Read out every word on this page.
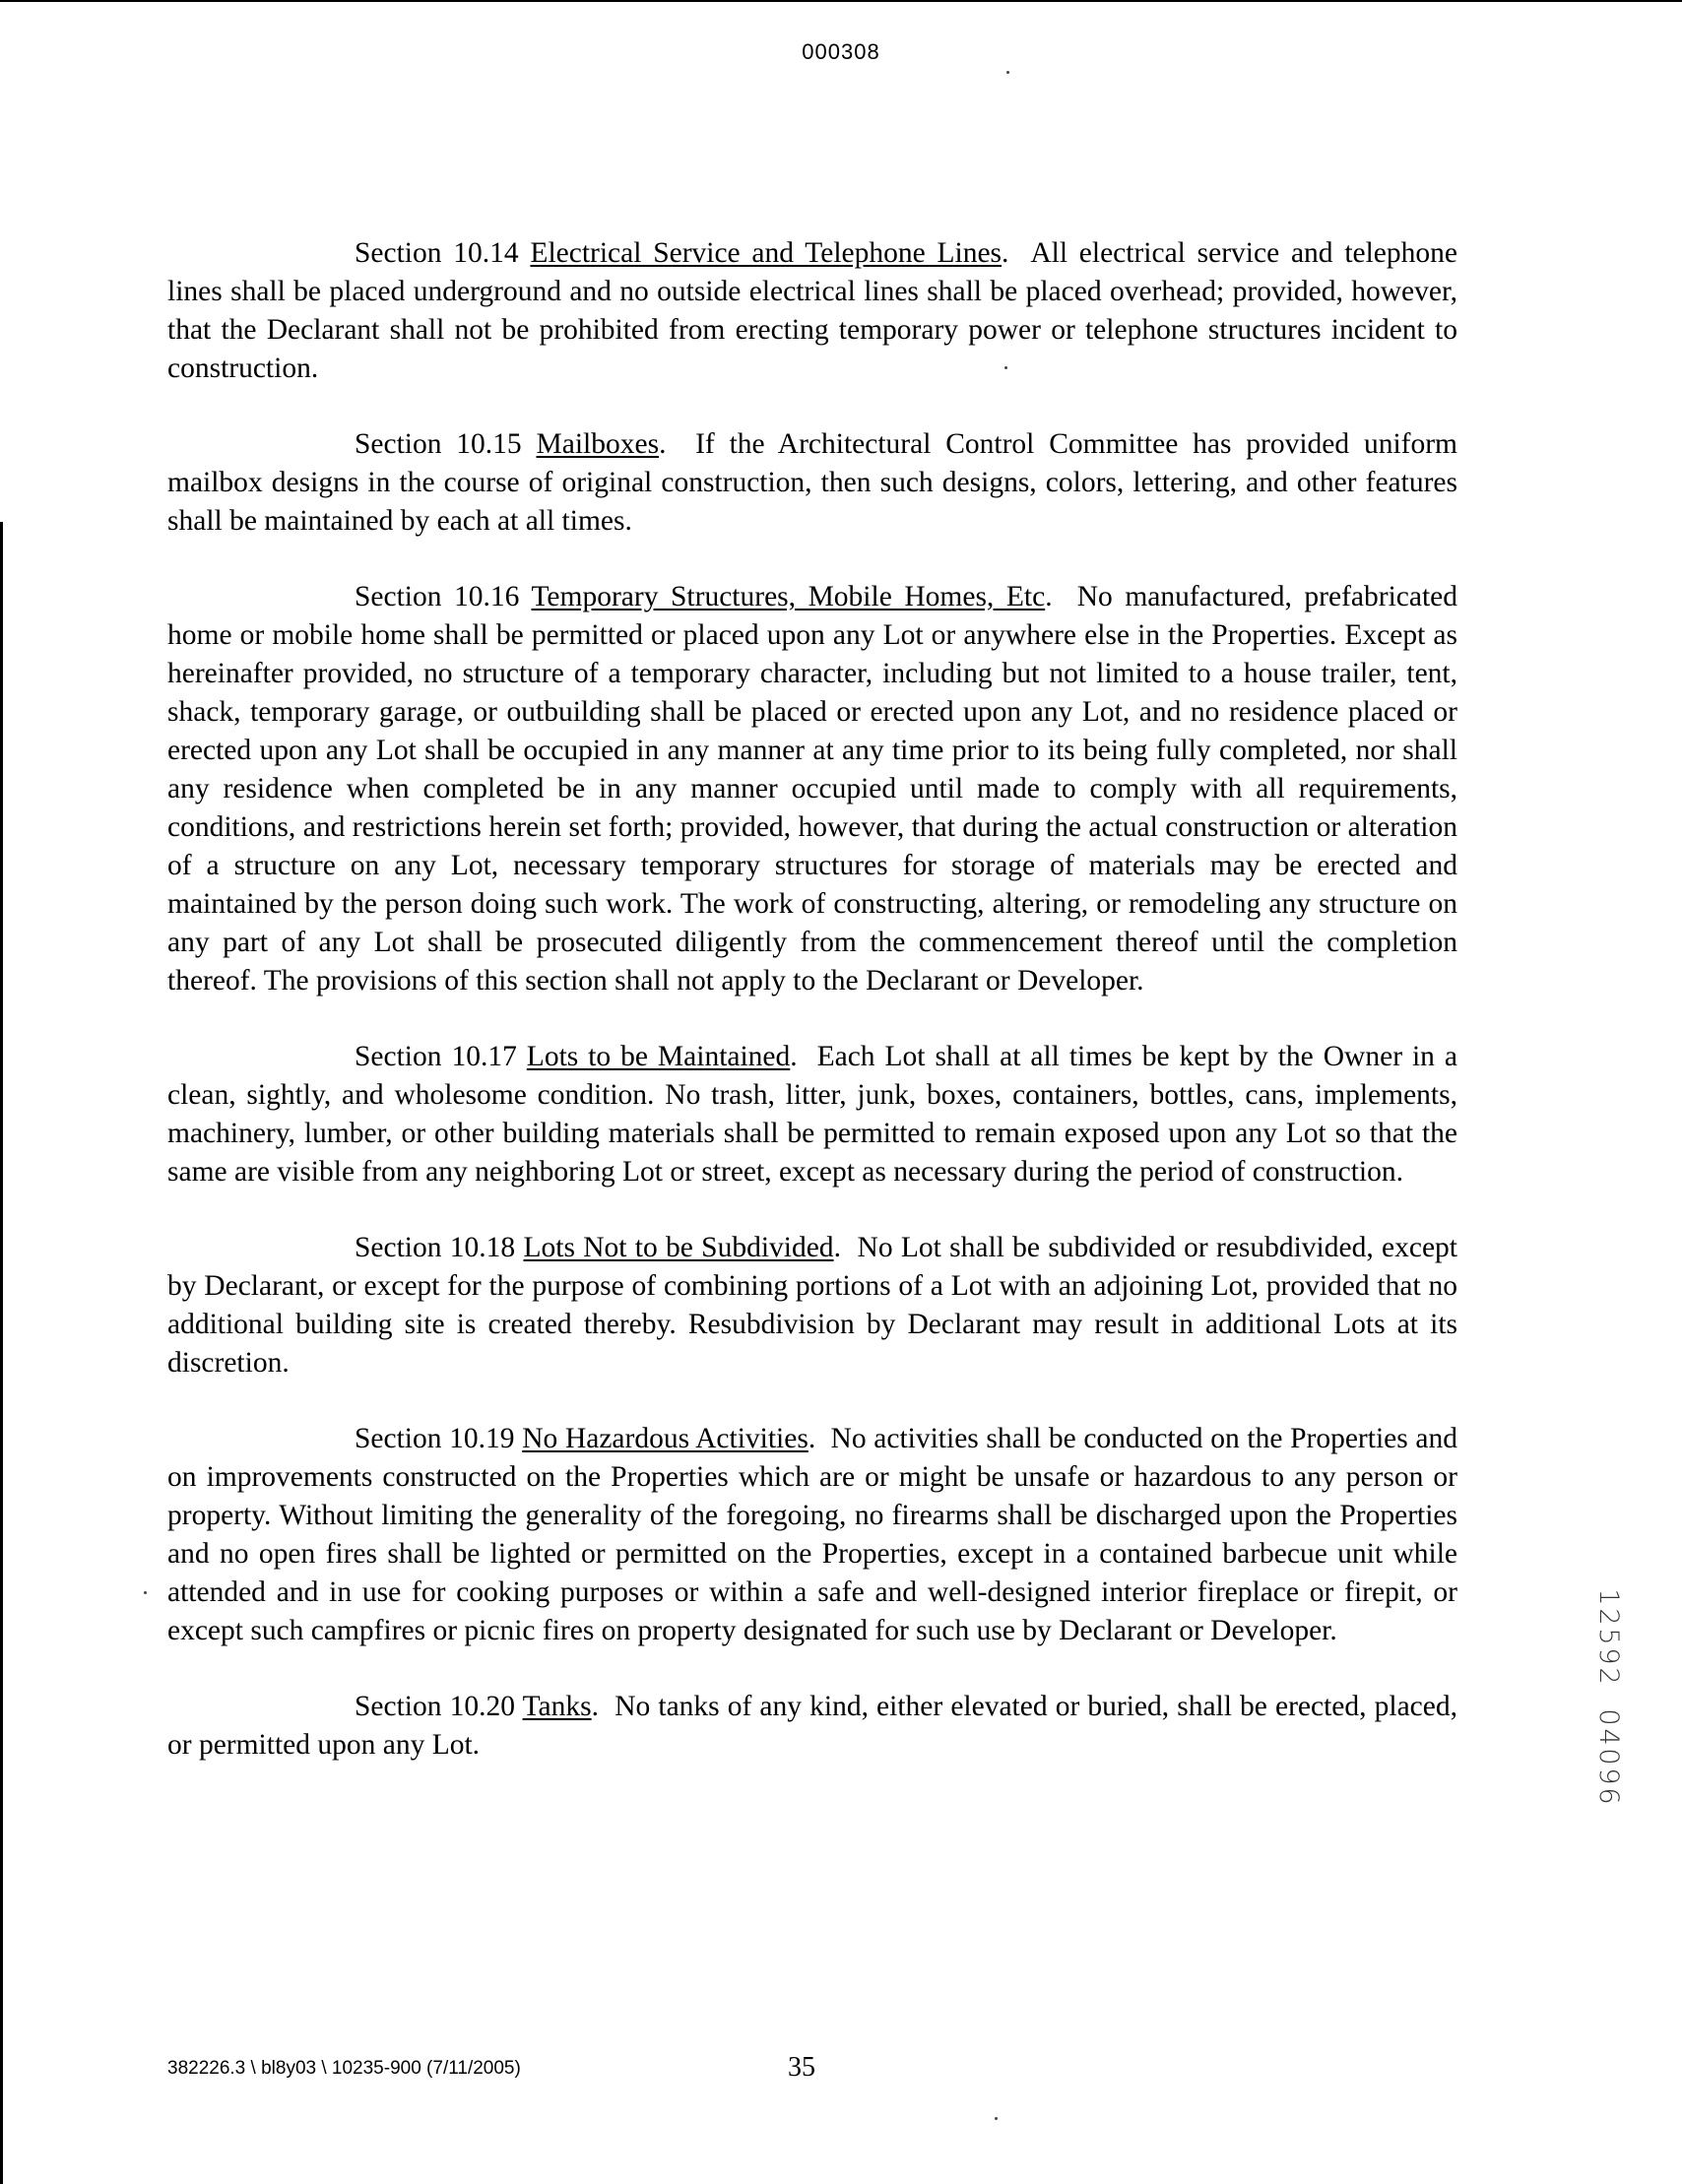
000308

Section 10.14 Electrical Service and Telephone Lines.  All electrical service and telephone lines shall be placed underground and no outside electrical lines shall be placed overhead; provided, however, that the Declarant shall not be prohibited from erecting temporary power or telephone structures incident to construction.

Section 10.15 Mailboxes.  If the Architectural Control Committee has provided uniform mailbox designs in the course of original construction, then such designs, colors, lettering, and other features shall be maintained by each at all times.

Section 10.16 Temporary Structures, Mobile Homes, Etc.  No manufactured, prefabricated home or mobile home shall be permitted or placed upon any Lot or anywhere else in the Properties. Except as hereinafter provided, no structure of a temporary character, including but not limited to a house trailer, tent, shack, temporary garage, or outbuilding shall be placed or erected upon any Lot, and no residence placed or erected upon any Lot shall be occupied in any manner at any time prior to its being fully completed, nor shall any residence when completed be in any manner occupied until made to comply with all requirements, conditions, and restrictions herein set forth; provided, however, that during the actual construction or alteration of a structure on any Lot, necessary temporary structures for storage of materials may be erected and maintained by the person doing such work. The work of constructing, altering, or remodeling any structure on any part of any Lot shall be prosecuted diligently from the commencement thereof until the completion thereof. The provisions of this section shall not apply to the Declarant or Developer.

Section 10.17 Lots to be Maintained.  Each Lot shall at all times be kept by the Owner in a clean, sightly, and wholesome condition. No trash, litter, junk, boxes, containers, bottles, cans, implements, machinery, lumber, or other building materials shall be permitted to remain exposed upon any Lot so that the same are visible from any neighboring Lot or street, except as necessary during the period of construction.

Section 10.18 Lots Not to be Subdivided.  No Lot shall be subdivided or resubdivided, except by Declarant, or except for the purpose of combining portions of a Lot with an adjoining Lot, provided that no additional building site is created thereby. Resubdivision by Declarant may result in additional Lots at its discretion.

Section 10.19 No Hazardous Activities.  No activities shall be conducted on the Properties and on improvements constructed on the Properties which are or might be unsafe or hazardous to any person or property. Without limiting the generality of the foregoing, no firearms shall be discharged upon the Properties and no open fires shall be lighted or permitted on the Properties, except in a contained barbecue unit while attended and in use for cooking purposes or within a safe and well-designed interior fireplace or firepit, or except such campfires or picnic fires on property designated for such use by Declarant or Developer.

Section 10.20 Tanks.  No tanks of any kind, either elevated or buried, shall be erected, placed, or permitted upon any Lot.

1
2
5
9
2
0
4
0
9
6
382226.3 \ bl8y03 \ 10235-900 (7/11/2005)	35
